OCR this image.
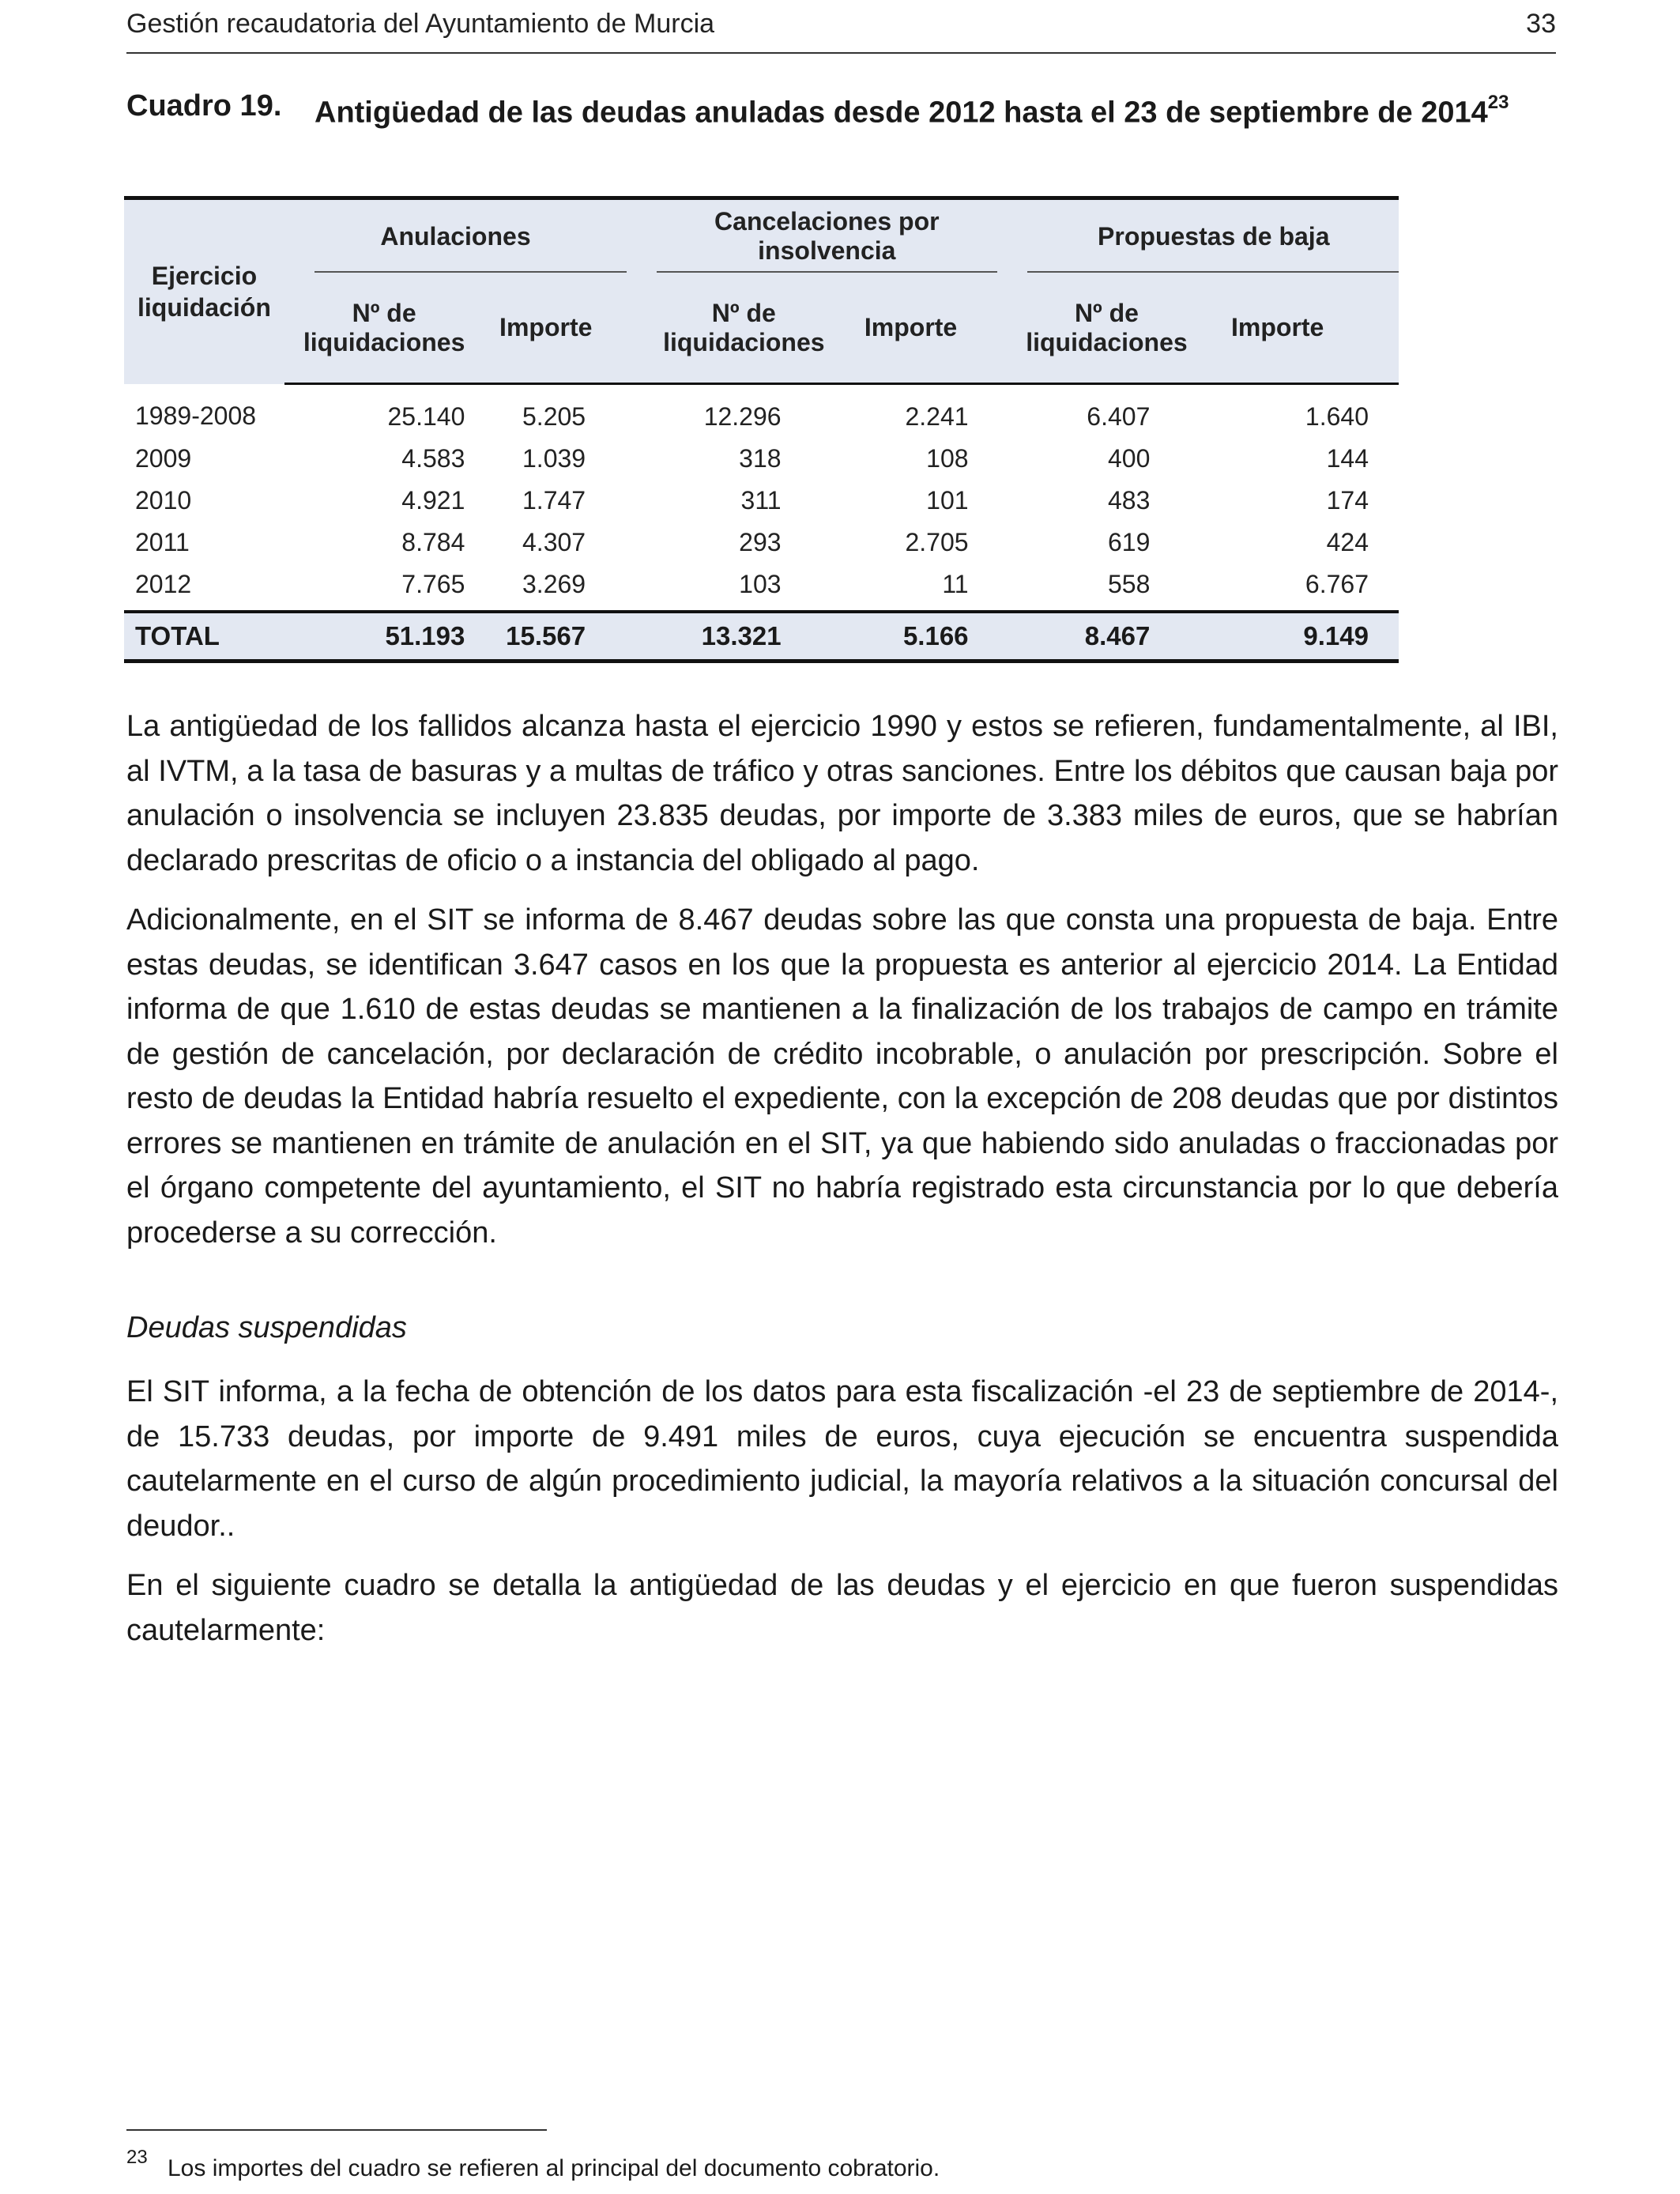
Gestión recaudatoria del Ayuntamiento de Murcia	33
Cuadro 19. Antigüedad de las deudas anuladas desde 2012 hasta el 23 de septiembre de 2014$^{23}$
Ejercicio liquidación	Anulaciones		Cancelaciones por insolvencia		Propuestas de baja	
	Nº de liquidaciones	Importe	Nº de liquidaciones	Importe	Nº de liquidaciones	Importe
1989-2008	25.140	5.205	12.296	2.241	6.407	1.640
2009	4.583	1.039	318	108	400	144
2010	4.921	1.747	311	101	483	174
2011	8.784	4.307	293	2.705	619	424
2012	7.765	3.269	103	11	558	6.767
TOTAL	51.193	15.567	13.321	5.166	8.467	9.149
La antigüedad de los fallidos alcanza hasta el ejercicio 1990 y estos se refieren, fundamentalmente, al IBI, al IVTM, a la tasa de basuras y a multas de tráfico y otras sanciones. Entre los débitos que causan baja por anulación o insolvencia se incluyen 23.835 deudas, por importe de 3.383 miles de euros, que se habrían declarado prescritas de oficio o a instancia del obligado al pago.
Adicionalmente, en el SIT se informa de 8.467 deudas sobre las que consta una propuesta de baja. Entre estas deudas, se identifican 3.647 casos en los que la propuesta es anterior al ejercicio 2014. La Entidad informa de que 1.610 de estas deudas se mantienen a la finalización de los trabajos de campo en trámite de gestión de cancelación, por declaración de crédito incobrable, o anulación por prescripción. Sobre el resto de deudas la Entidad habría resuelto el expediente, con la excepción de 208 deudas que por distintos errores se mantienen en trámite de anulación en el SIT, ya que habiendo sido anuladas o fraccionadas por el órgano competente del ayuntamiento, el SIT no habría registrado esta circunstancia por lo que debería procederse a su corrección.
Deudas suspendidas
El SIT informa, a la fecha de obtención de los datos para esta fiscalización -el 23 de septiembre de 2014-, de 15.733 deudas, por importe de 9.491 miles de euros, cuya ejecución se encuentra suspendida cautelarmente en el curso de algún procedimiento judicial, la mayoría relativos a la situación concursal del deudor..
En el siguiente cuadro se detalla la antigüedad de las deudas y el ejercicio en que fueron suspendidas cautelarmente:
23 Los importes del cuadro se refieren al principal del documento cobratorio.
